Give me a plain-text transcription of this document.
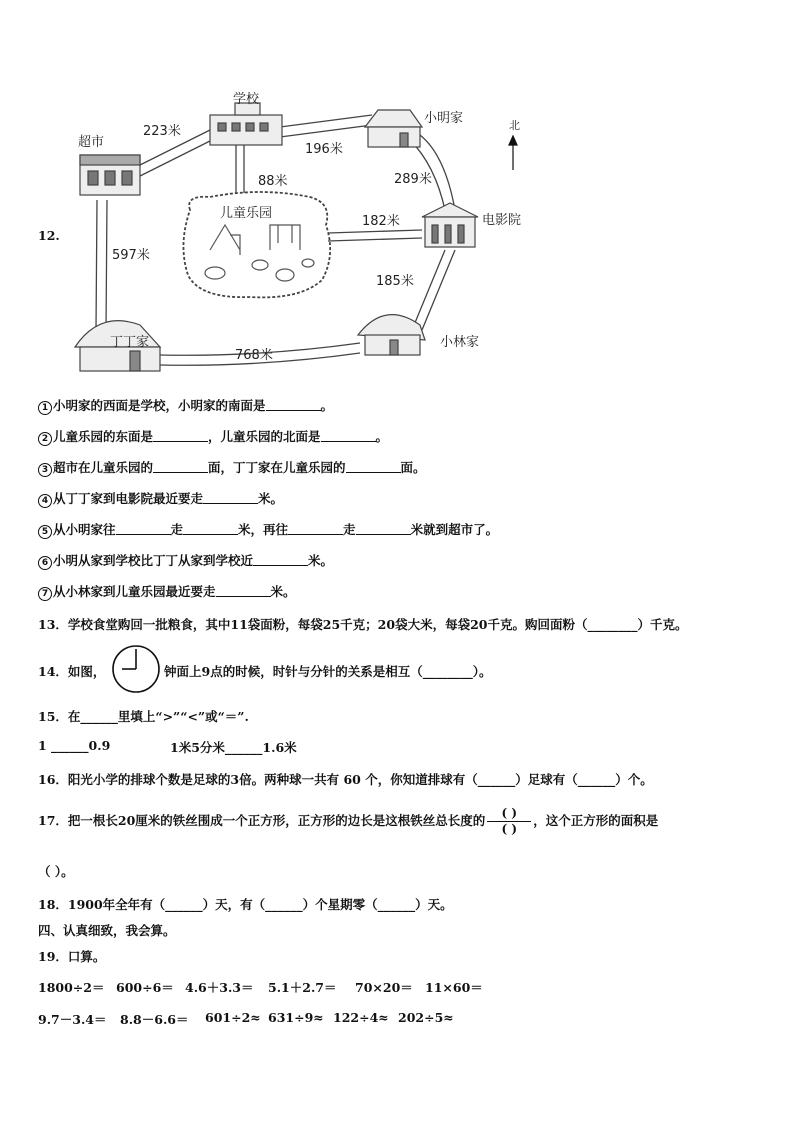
12.
学校
小明家
超市
儿童乐园	电影院
小林家
丁丁家
北
223米
196米
88米	289米
182米
597米
185米
768米
1 小明家的西面是学校，小明家的南面是	。
2 儿童乐园的东面是	，儿童乐园的北面是	。
3 超市在儿童乐园的	面，丁丁家在儿童乐园的	面。
4 从丁丁家到电影院最近要走	米。
5 从小明家往	走	米，再往	走	米就到超市了。
6 小明从家到学校比丁丁从家到学校近	米。
7 从小林家到儿童乐园最近要走	米。
13．学校食堂购回一批粮食，其中11袋面粉，每袋25千克；20袋大米，每袋20千克。购回面粉（________）千克。
14．如图，	钟面上9点的时候，时针与分针的关系是相互（________）。
15．在______里填上“>”“<”或“＝”.
1 ______0.9	1米5分米______1.6米
16．阳光小学的排球个数是足球的3倍。两种球一共有 60 个，你知道排球有（______）足球有（______）个。
17．把一根长20厘米的铁丝围成一个正方形，正方形的边长是这根铁丝总长度的 $\frac{( )}{( )}$ ，这个正方形的面积是
（ ）。
18．1900年全年有（______）天，有（______）个星期零（______）天。
四、认真细致，我会算。
19．口算。
1800÷2＝ 600÷6＝ 4.6＋3.3＝ 5.1＋2.7＝ 70×20＝ 11×60＝
9.7－3.4＝ 8.8－6.6＝ 601÷2≈ 631÷9≈ 122÷4≈ 202÷5≈
